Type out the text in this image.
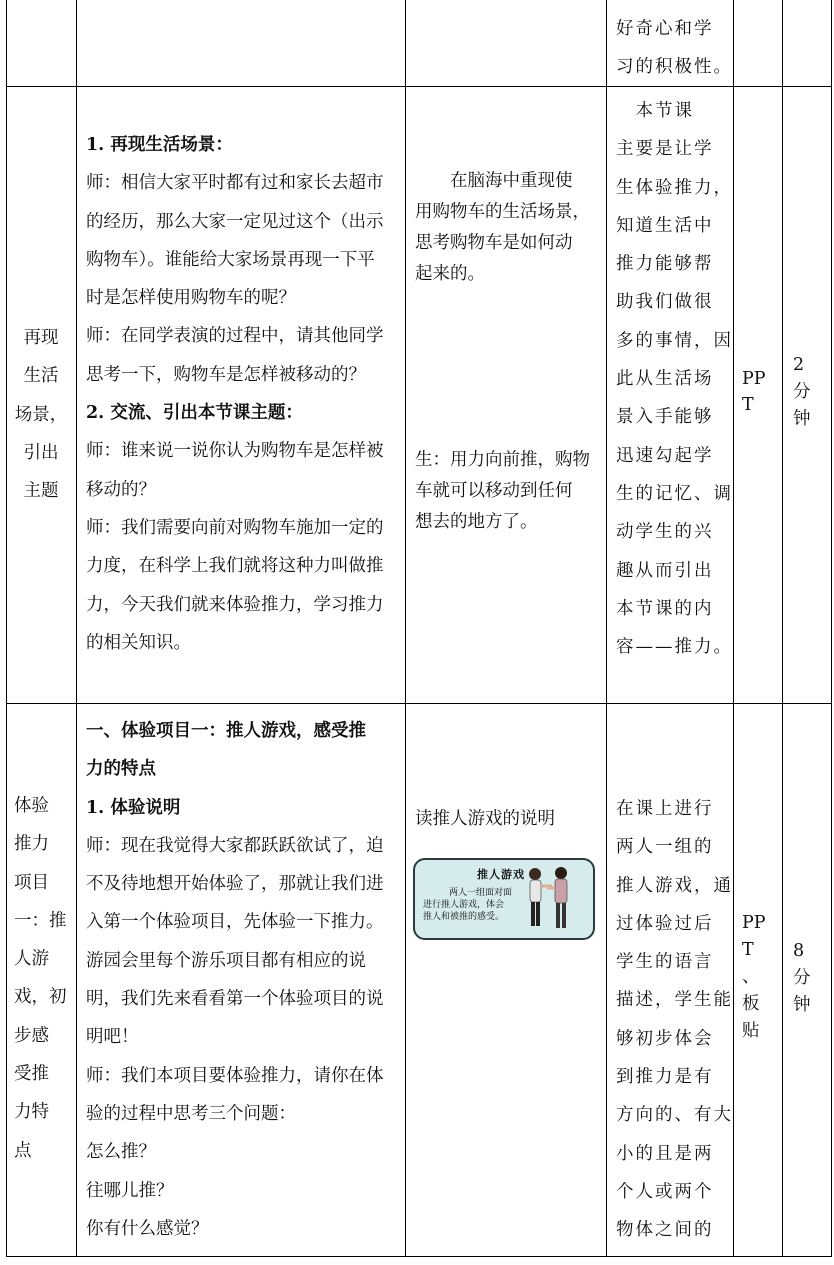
好奇心和学
习的积极性。
再现
生活
场景，
引出
主题
1. 再现生活场景：
师：相信大家平时都有过和家长去超市
的经历，那么大家一定见过这个（出示
购物车）。谁能给大家场景再现一下平
时是怎样使用购物车的呢？
师：在同学表演的过程中，请其他同学
思考一下，购物车是怎样被移动的？
2. 交流、引出本节课主题：
师：谁来说一说你认为购物车是怎样被
移动的？
师：我们需要向前对购物车施加一定的
力度，在科学上我们就将这种力叫做推
力，今天我们就来体验推力，学习推力
的相关知识。
　　在脑海中重现使
用购物车的生活场景，
思考购物车是如何动
起来的。
生：用力向前推，购物
车就可以移动到任何
想去的地方了。
　本节课
主要是让学
生体验推力，
知道生活中
推力能够帮
助我们做很
多的事情，因
此从生活场
景入手能够
迅速勾起学
生的记忆、调
动学生的兴
趣从而引出
本节课的内
容——推力。
PP
T
2
分
钟
体验
推力
项目
一：推
人游
戏，初
步感
受推
力特
点
一、体验项目一：推人游戏，感受推
力的特点
1. 体验说明
师：现在我觉得大家都跃跃欲试了，迫
不及待地想开始体验了，那就让我们进
入第一个体验项目，先体验一下推力。
游园会里每个游乐项目都有相应的说
明，我们先来看看第一个体验项目的说
明吧！
师：我们本项目要体验推力，请你在体
验的过程中思考三个问题：
怎么推？
往哪儿推？
你有什么感觉？
读推人游戏的说明
推人游戏
两人一组面对面
进行推人游戏，体会
推人和被推的感受。
在课上进行
两人一组的
推人游戏，通
过体验过后
学生的语言
描述，学生能
够初步体会
到推力是有
方向的、有大
小的且是两
个人或两个
物体之间的
PP
T
、
板
贴
8
分
钟
